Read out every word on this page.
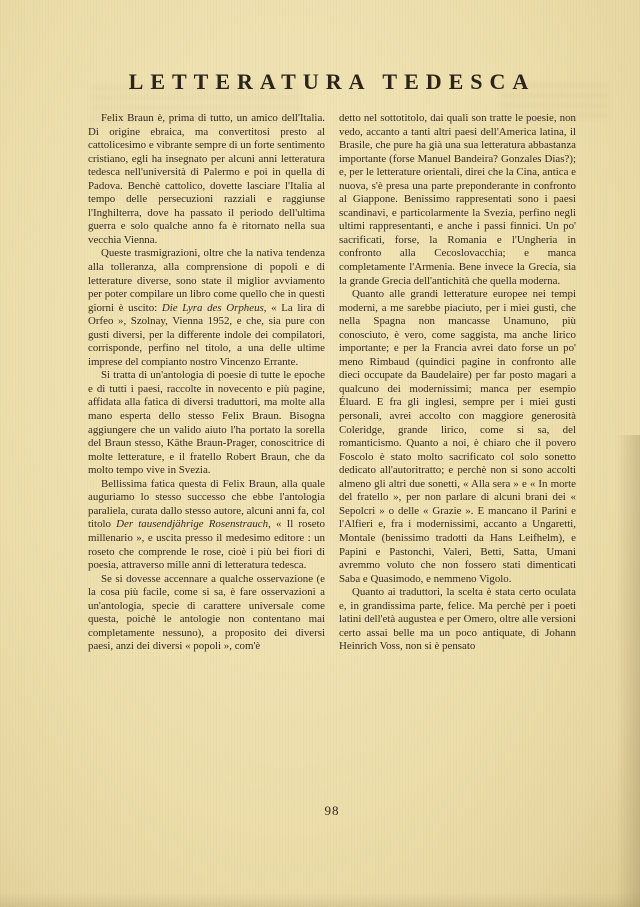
LETTERATURA TEDESCA

Felix Braun è, prima di tutto, un amico dell'Italia. Di origine ebraica, ma convertitosi presto al cattolicesimo e vibrante sempre di un forte sentimento cristiano, egli ha insegnato per alcuni anni letteratura tedesca nell'università di Palermo e poi in quella di Padova. Benchè cattolico, dovette lasciare l'Italia al tempo delle persecuzioni razziali e raggiunse l'Inghilterra, dove ha passato il periodo dell'ultima guerra e solo qualche anno fa è ritornato nella sua vecchia Vienna.

Queste trasmigrazioni, oltre che la nativa tendenza alla tolleranza, alla comprensione di popoli e di letterature diverse, sono state il miglior avviamento per poter compilare un libro come quello che in questi giorni è uscito: Die Lyra des Orpheus, « La lira di Orfeo », Szolnay, Vienna 1952, e che, sia pure con gusti diversi, per la differente indole dei compilatori, corrisponde, perfino nel titolo, a una delle ultime imprese del compianto nostro Vincenzo Errante.

Si tratta di un'antologia di poesie di tutte le epoche e di tutti i paesi, raccolte in novecento e più pagine, affidata alla fatica di diversi traduttori, ma molte alla mano esperta dello stesso Felix Braun. Bisogna aggiungere che un valido aiuto l'ha portato la sorella del Braun stesso, Käthe Braun-Prager, conoscitrice di molte letterature, e il fratello Robert Braun, che da molto tempo vive in Svezia.

Bellissima fatica questa di Felix Braun, alla quale auguriamo lo stesso successo che ebbe l'antologia paraliela, curata dallo stesso autore, alcuni anni fa, col titolo Der tausendjährige Rosenstrauch, « Il roseto millenario », e uscita presso il medesimo editore : un roseto che comprende le rose, cioè i più bei fiori di poesia, attraverso mille anni di letteratura tedesca.

Se si dovesse accennare a qualche osservazione (e la cosa più facile, come si sa, è fare osservazioni a un'antologia, specie di carattere universale come questa, poichè le antologie non contentano mai completamente nessuno), a proposito dei diversi paesi, anzi dei diversi « popoli », com'è

detto nel sottotitolo, dai quali son tratte le poesie, non vedo, accanto a tanti altri paesi dell'America latina, il Brasile, che pure ha già una sua letteratura abbastanza importante (forse Manuel Bandeira? Gonzales Dias?); e, per le letterature orientali, direi che la Cina, antica e nuova, s'è presa una parte preponderante in confronto al Giappone. Benissimo rappresentati sono i paesi scandinavi, e particolarmente la Svezia, perfino negli ultimi rappresentanti, e anche i passi finnici. Un po' sacrificati, forse, la Romania e l'Ungheria in confronto alla Cecoslovacchia; e manca completamente l'Armenia. Bene invece la Grecia, sia la grande Grecia dell'antichità che quella moderna.

Quanto alle grandi letterature europee nei tempi moderni, a me sarebbe piaciuto, per i miei gusti, che nella Spagna non mancasse Unamuno, più conosciuto, è vero, come saggista, ma anche lirico importante; e per la Francia avrei dato forse un po' meno Rimbaud (quindici pagine in confronto alle dieci occupate da Baudelaire) per far posto magari a qualcuno dei modernissimi; manca per esempio Éluard. E fra gli inglesi, sempre per i miei gusti personali, avrei accolto con maggiore generosità Coleridge, grande lirico, come si sa, del romanticismo. Quanto a noi, è chiaro che il povero Foscolo è stato molto sacrificato col solo sonetto dedicato all'autoritratto; e perchè non si sono accolti almeno gli altri due sonetti, « Alla sera » e « In morte del fratello », per non parlare di alcuni brani dei « Sepolcri » o delle « Grazie ». E mancano il Parini e l'Alfieri e, fra i modernissimi, accanto a Ungaretti, Montale (benissimo tradotti da Hans Leifhelm), e Papini e Pastonchi, Valeri, Betti, Satta, Umani avremmo voluto che non fossero stati dimenticati Saba e Quasimodo, e nemmeno Vigolo.

Quanto ai traduttori, la scelta è stata certo oculata e, in grandissima parte, felice. Ma perchè per i poeti latini dell'età augustea e per Omero, oltre alle versioni certo assai belle ma un poco antiquate, di Johann Heinrich Voss, non si è pensato

98
